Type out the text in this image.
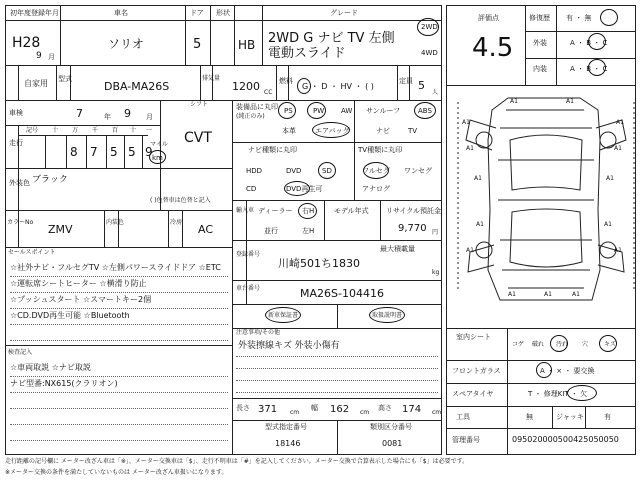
初年度登録年月
H28
9 月
車名
ソリオ
ドア
5
形状
HB
グレード
2WD G ナビ TV 左側
電動スライド
2WD
4WD
自家用 型式
DBA-MA26S
排気量
1200 CC
燃料
G ・ D ・ HV ・ ( )
定員 5
人
車検	7	年 9 月
シフト
CVT
記号 十 万 千 百 十 一
走行
8 7 5 5 9
マイル
km
外装色 ブラック
( )色替車は色替と記入
カラーNo
ZMV
内装色	冷房
AC
セールスポイント
☆社外ナビ・フルセグTV ☆左側パワースライドドア ☆ETC
☆運転席シートヒーター ☆横滑り防止
☆プッシュスタート ☆スマートキー2個
☆CD.DVD再生可能 ☆Bluetooth
検査記入
☆車両取説 ☆ナビ取説
ナビ型番:NX615(クラリオン)
装備品に丸印
(純正のみ)
PS	PW AW サンルーフ	ABS
本革	エアバッグ	ナビ	TV
ナビ種類に丸印
HDD	DVD	SD
DVD再生可
CD
TV種類に丸印
フルセグ ワンセグ
アナログ
輸入車 ディーラー 右H
並行	左H
モデル年式 リサイクル預託金
9,770 円
登録番号
川崎501ち1830
最大積載量
kg
車台番号	MA26S-104416
新車保証書	取扱説明書
注意事項/その他
外装擦線キズ 外装小傷有
長さ 371 cm
幅 162 cm
高さ 174 cm
型式指定番号
18146
類別区分番号
0081
評価点
4.5
修復歴 有 ・ 無
外装	A ・ B ・ C
内装	A ・ B ・ C
A1	A1
A1	A1
A1	A1
A1	A1
A1	A1
A1	A1
A1	A1	A1
室内シート
コゲ 破れ 汚れ 穴	キズ
フロントガラス	A ・ × ・ 要交換
スペアタイヤ	T ・ 修理KIT ・ 欠
工具	無	ジャッキ	有
管理番号	095020000500425050050
走行距離の記号欄に メーター改ざん車は「※」、メーター交換車は「$」、走行不明車は「#」を記入してください。メーター交換で合算表示した場合にも「$」は必要です。
※メーター交換の条件を満たしていないものは メーター改ざん車扱いになります。
